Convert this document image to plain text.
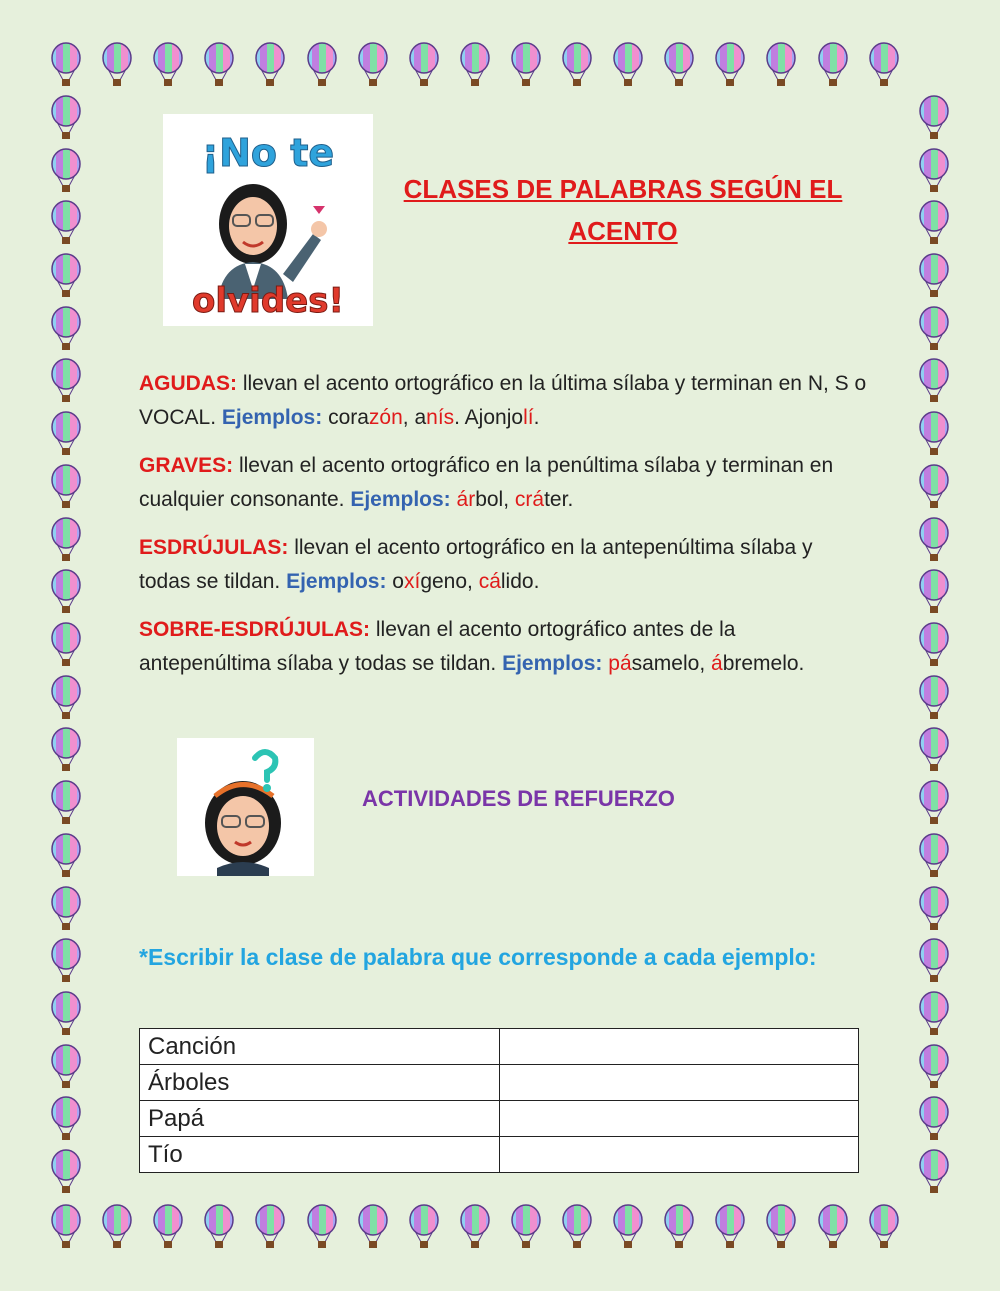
¡No te
olvides!
CLASES DE PALABRAS SEGÚN EL ACENTO
AGUDAS: llevan el acento ortográfico en la última sílaba y terminan en N, S o VOCAL. Ejemplos: corazón, anís. Ajonjolí.
GRAVES: llevan el acento ortográfico en la penúltima sílaba y terminan en cualquier consonante. Ejemplos: árbol, cráter.
ESDRÚJULAS: llevan el acento ortográfico en la antepenúltima sílaba y todas se tildan. Ejemplos: oxígeno, cálido.
SOBRE-ESDRÚJULAS: llevan el acento ortográfico antes de la antepenúltima sílaba y todas se tildan. Ejemplos: pásamelo, ábremelo.
ACTIVIDADES DE REFUERZO
*Escribir la clase de palabra que corresponde a cada ejemplo:
Canción	
Árboles	
Papá	
Tío	
